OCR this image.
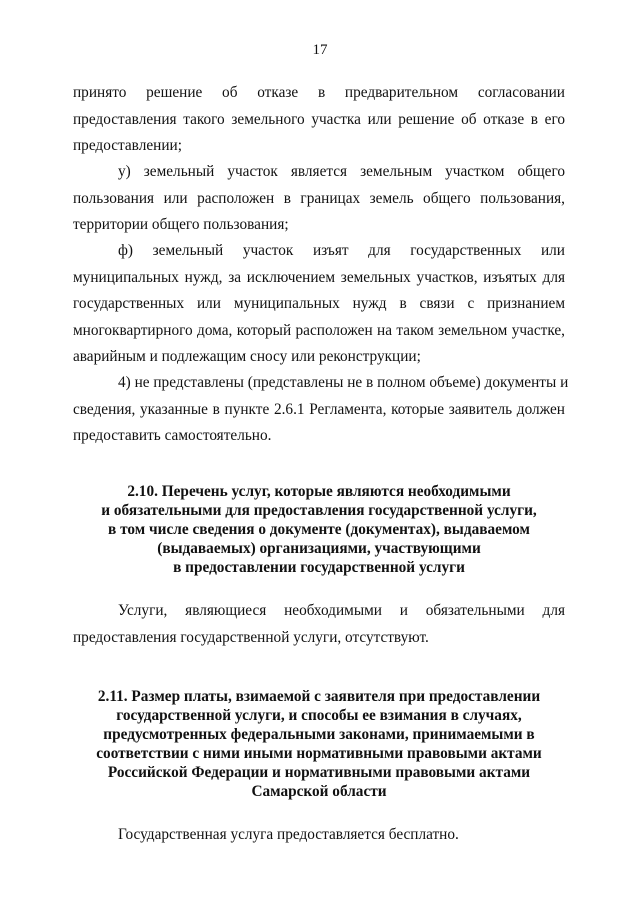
17
принято решение об отказе в предварительном согласовании
предоставления такого земельного участка или решение об отказе в его
предоставлении;
у) земельный участок является земельным участком общего
пользования или расположен в границах земель общего пользования,
территории общего пользования;
ф) земельный участок изъят для государственных или
муниципальных нужд, за исключением земельных участков, изъятых для
государственных или муниципальных нужд в связи с признанием
многоквартирного дома, который расположен на таком земельном участке,
аварийным и подлежащим сносу или реконструкции;
4) не представлены (представлены не в полном объеме) документы и
сведения, указанные в пункте 2.6.1 Регламента, которые заявитель должен
предоставить самостоятельно.
2.10. Перечень услуг, которые являются необходимыми
и обязательными для предоставления государственной услуги,
в том числе сведения о документе (документах), выдаваемом
(выдаваемых) организациями, участвующими
в предоставлении государственной услуги
Услуги, являющиеся необходимыми и обязательными для
предоставления государственной услуги, отсутствуют.
2.11. Размер платы, взимаемой с заявителя при предоставлении
государственной услуги, и способы ее взимания в случаях,
предусмотренных федеральными законами, принимаемыми в
соответствии с ними иными нормативными правовыми актами
Российской Федерации и нормативными правовыми актами
Самарской области
Государственная услуга предоставляется бесплатно.
